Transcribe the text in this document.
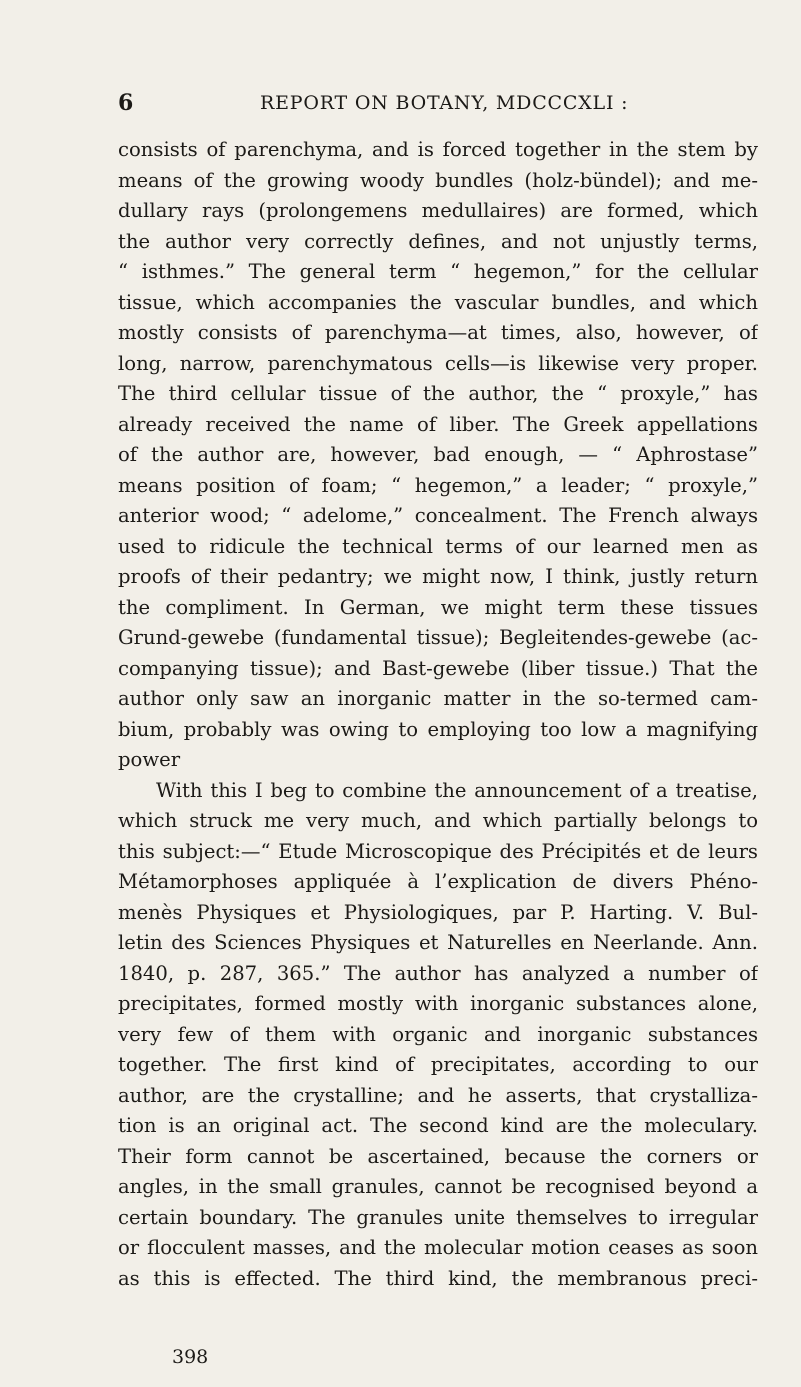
6	REPORT ON BOTANY, MDCCCXLI :
consists of parenchyma, and is forced together in the stem by
means of the growing woody bundles (holz-bündel); and me-
dullary rays (prolongemens medullaires) are formed, which
the author very correctly defines, and not unjustly terms,
“ isthmes.” The general term “ hegemon,” for the cellular
tissue, which accompanies the vascular bundles, and which
mostly consists of parenchyma—at times, also, however, of
long, narrow, parenchymatous cells—is likewise very proper.
The third cellular tissue of the author, the “ proxyle,” has
already received the name of liber. The Greek appellations
of the author are, however, bad enough, — “ Aphrostase”
means position of foam; “ hegemon,” a leader; “ proxyle,”
anterior wood; “ adelome,” concealment. The French always
used to ridicule the technical terms of our learned men as
proofs of their pedantry; we might now, I think, justly return
the compliment. In German, we might term these tissues
Grund-gewebe (fundamental tissue); Begleitendes-gewebe (ac-
companying tissue); and Bast-gewebe (liber tissue.) That the
author only saw an inorganic matter in the so-termed cam-
bium, probably was owing to employing too low a magnifying
power
With this I beg to combine the announcement of a treatise,
which struck me very much, and which partially belongs to
this subject:—“ Etude Microscopique des Précipités et de leurs
Métamorphoses appliquée à l’explication de divers Phéno-
menès Physiques et Physiologiques, par P. Harting. V. Bul-
letin des Sciences Physiques et Naturelles en Neerlande. Ann.
1840, p. 287, 365.” The author has analyzed a number of
precipitates, formed mostly with inorganic substances alone,
very few of them with organic and inorganic substances
together. The first kind of precipitates, according to our
author, are the crystalline; and he asserts, that crystalliza-
tion is an original act. The second kind are the moleculary.
Their form cannot be ascertained, because the corners or
angles, in the small granules, cannot be recognised beyond a
certain boundary. The granules unite themselves to irregular
or flocculent masses, and the molecular motion ceases as soon
as this is effected. The third kind, the membranous preci-
398
